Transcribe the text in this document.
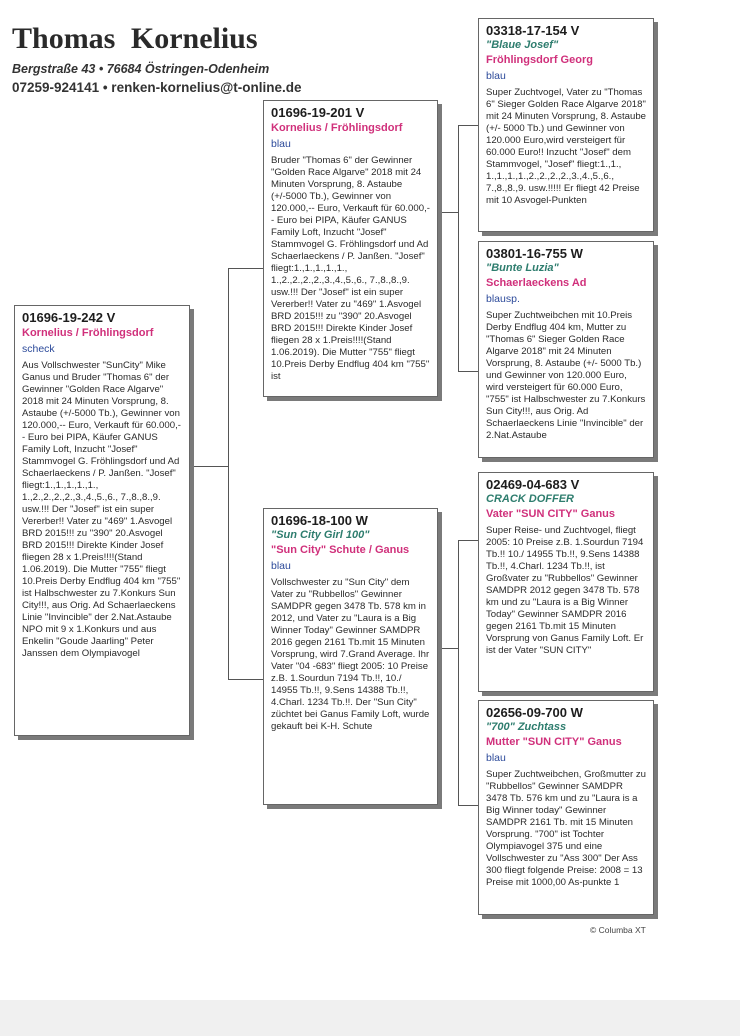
Thomas Kornelius
Bergstraße 43 • 76684 Östringen-Odenheim
07259-924141 • renken-kornelius@t-online.de
01696-19-242 V
Kornelius / Fröhlingsdorf
scheck
Aus Vollschwester "SunCity" Mike Ganus und Bruder "Thomas 6" der Gewinner "Golden Race Algarve" 2018 mit 24 Minuten Vorsprung, 8. Astaube (+/-5000 Tb.), Gewinner von 120.000,-- Euro, Verkauft für 60.000,-- Euro bei PIPA, Käufer GANUS Family Loft, Inzucht "Josef" Stammvogel G. Fröhlingsdorf und Ad Schaerlaeckens / P. Janßen. "Josef" fliegt:1.,1.,1.,1.,1., 1.,2.,2.,2.,2.,3.,4.,5.,6., 7.,8.,8.,9. usw.!!! Der "Josef" ist ein super Vererber!! Vater zu "469" 1.Asvogel BRD 2015!!! zu "390" 20.Asvogel BRD 2015!!! Direkte Kinder Josef fliegen 28 x 1.Preis!!!!(Stand 1.06.2019). Die Mutter "755" fliegt 10.Preis Derby Endflug 404 km "755" ist Halbschwester zu 7.Konkurs Sun City!!!, aus Orig. Ad Schaerlaeckens Linie "Invincible" der 2.Nat.Astaube NPO mit 9 x 1.Konkurs und aus Enkelin "Goude Jaarling" Peter Janssen dem Olympiavogel
01696-19-201 V
Kornelius / Fröhlingsdorf
blau
Bruder "Thomas 6" der Gewinner "Golden Race Algarve" 2018 mit 24 Minuten Vorsprung, 8. Astaube (+/-5000 Tb.), Gewinner von 120.000,-- Euro, Verkauft für 60.000,-- Euro bei PIPA, Käufer GANUS Family Loft, Inzucht "Josef" Stammvogel G. Fröhlingsdorf und Ad Schaerlaeckens / P. Janßen. "Josef" fliegt:1.,1.,1.,1.,1., 1.,2.,2.,2.,2.,3.,4.,5.,6., 7.,8.,8.,9. usw.!!! Der "Josef" ist ein super Vererber!! Vater zu "469" 1.Asvogel BRD 2015!!! zu "390" 20.Asvogel BRD 2015!!! Direkte Kinder Josef fliegen 28 x 1.Preis!!!!(Stand 1.06.2019). Die Mutter "755" fliegt 10.Preis Derby Endflug 404 km "755" ist
01696-18-100 W
"Sun City Girl 100"
"Sun City" Schute / Ganus
blau
Vollschwester zu "Sun City" dem Vater zu "Rubbellos" Gewinner SAMDPR gegen 3478 Tb. 578 km in 2012, und Vater zu "Laura is a Big Winner Today" Gewinner SAMDPR 2016 gegen 2161 Tb.mit 15 Minuten Vorsprung, wird 7.Grand Average. Ihr Vater "04 -683" fliegt 2005: 10 Preise z.B. 1.Sourdun 7194 Tb.!!, 10./ 14955 Tb.!!, 9.Sens 14388 Tb.!!, 4.Charl. 1234 Tb.!!. Der "Sun City" züchtet bei Ganus Family Loft, wurde gekauft bei K-H. Schute
03318-17-154 V
"Blaue Josef"
Fröhlingsdorf Georg
blau
Super Zuchtvogel, Vater zu "Thomas 6" Sieger Golden Race Algarve 2018" mit 24 Minuten Vorsprung, 8. Astaube (+/- 5000 Tb.) und Gewinner von 120.000 Euro,wird versteigert für 60.000 Euro!! Inzucht "Josef" dem Stammvogel, "Josef" fliegt:1.,1., 1.,1.,1.,1.,2.,2.,2.,2.,3.,4.,5.,6., 7.,8.,8.,9. usw.!!!!! Er fliegt 42 Preise mit 10 Asvogel-Punkten
03801-16-755 W
"Bunte Luzia"
Schaerlaeckens Ad
blausp.
Super Zuchtweibchen mit 10.Preis Derby Endflug 404 km, Mutter zu "Thomas 6" Sieger Golden Race Algarve 2018" mit 24 Minuten Vorsprung, 8. Astaube (+/- 5000 Tb.) und Gewinner von 120.000 Euro, wird versteigert für 60.000 Euro, "755" ist Halbschwester zu 7.Konkurs Sun City!!!, aus Orig. Ad Schaerlaeckens Linie "Invincible" der 2.Nat.Astaube
02469-04-683 V
CRACK DOFFER
Vater "SUN CITY" Ganus
Super Reise- und Zuchtvogel, fliegt 2005: 10 Preise z.B. 1.Sourdun 7194 Tb.!! 10./ 14955 Tb.!!, 9.Sens 14388 Tb.!!, 4.Charl. 1234 Tb.!!, ist Großvater zu "Rubbellos" Gewinner SAMDPR 2012 gegen 3478 Tb. 578 km und zu "Laura is a Big Winner Today" Gewinner SAMDPR 2016 gegen 2161 Tb.mit 15 Minuten Vorsprung von Ganus Family Loft. Er ist der Vater "SUN CITY"
02656-09-700 W
"700" Zuchtass
Mutter "SUN CITY" Ganus
blau
Super Zuchtweibchen, Großmutter zu "Rubbellos" Gewinner SAMDPR 3478 Tb. 576 km und zu "Laura is a Big Winner today" Gewinner SAMDPR 2161 Tb. mit 15 Minuten Vorsprung. "700" ist Tochter Olympiavogel 375 und eine Vollschwester zu "Ass 300" Der Ass 300 fliegt folgende Preise: 2008 = 13 Preise mit 1000,00 As-punkte 1
© Columba XT
